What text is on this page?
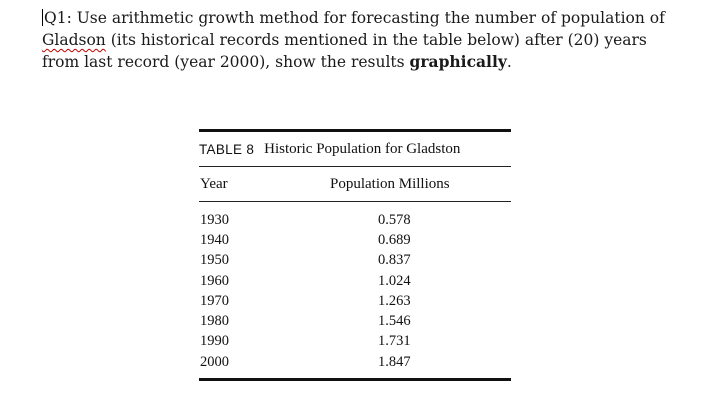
Q1: Use arithmetic growth method for forecasting the number of population of
Gladson (its historical records mentioned in the table below) after (20) years
from last record (year 2000), show the results graphically.
TABLE 8 Historic Population for Gladston
Year	Population Millions
1930	0.578
1940	0.689
1950	0.837
1960	1.024
1970	1.263
1980	1.546
1990	1.731
2000	1.847
